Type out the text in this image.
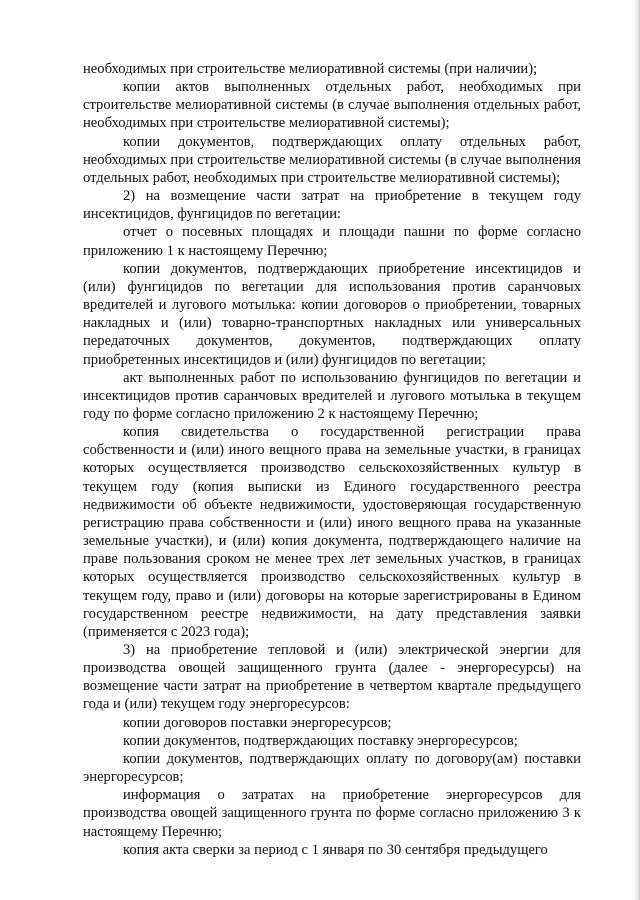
необходимых при строительстве мелиоративной системы (при наличии);

копии актов выполненных отдельных работ, необходимых при строительстве мелиоративной системы (в случае выполнения отдельных работ, необходимых при строительстве мелиоративной системы);

копии документов, подтверждающих оплату отдельных работ, необходимых при строительстве мелиоративной системы (в случае выполнения отдельных работ, необходимых при строительстве мелиоративной системы);

2) на возмещение части затрат на приобретение в текущем году инсектицидов, фунгицидов по вегетации:

отчет о посевных площадях и площади пашни по форме согласно приложению 1 к настоящему Перечню;

копии документов, подтверждающих приобретение инсектицидов и (или) фунгицидов по вегетации для использования против саранчовых вредителей и лугового мотылька: копии договоров о приобретении, товарных накладных и (или) товарно-транспортных накладных или универсальных передаточных документов, документов, подтверждающих оплату приобретенных инсектицидов и (или) фунгицидов по вегетации;

акт выполненных работ по использованию фунгицидов по вегетации и инсектицидов против саранчовых вредителей и лугового мотылька в текущем году по форме согласно приложению 2 к настоящему Перечню;

копия свидетельства о государственной регистрации права собственности и (или) иного вещного права на земельные участки, в границах которых осуществляется производство сельскохозяйственных культур в текущем году (копия выписки из Единого государственного реестра недвижимости об объекте недвижимости, удостоверяющая государственную регистрацию права собственности и (или) иного вещного права на указанные земельные участки), и (или) копия документа, подтверждающего наличие на праве пользования сроком не менее трех лет земельных участков, в границах которых осуществляется производство сельскохозяйственных культур в текущем году, право и (или) договоры на которые зарегистрированы в Едином государственном реестре недвижимости, на дату представления заявки (применяется с 2023 года);

3) на приобретение тепловой и (или) электрической энергии для производства овощей защищенного грунта (далее - энергоресурсы) на возмещение части затрат на приобретение в четвертом квартале предыдущего года и (или) текущем году энергоресурсов:

копии договоров поставки энергоресурсов;

копии документов, подтверждающих поставку энергоресурсов;

копии документов, подтверждающих оплату по договору(ам) поставки энергоресурсов;

информация о затратах на приобретение энергоресурсов для производства овощей защищенного грунта по форме согласно приложению 3 к настоящему Перечню;

копия акта сверки за период с 1 января по 30 сентября предыдущего
